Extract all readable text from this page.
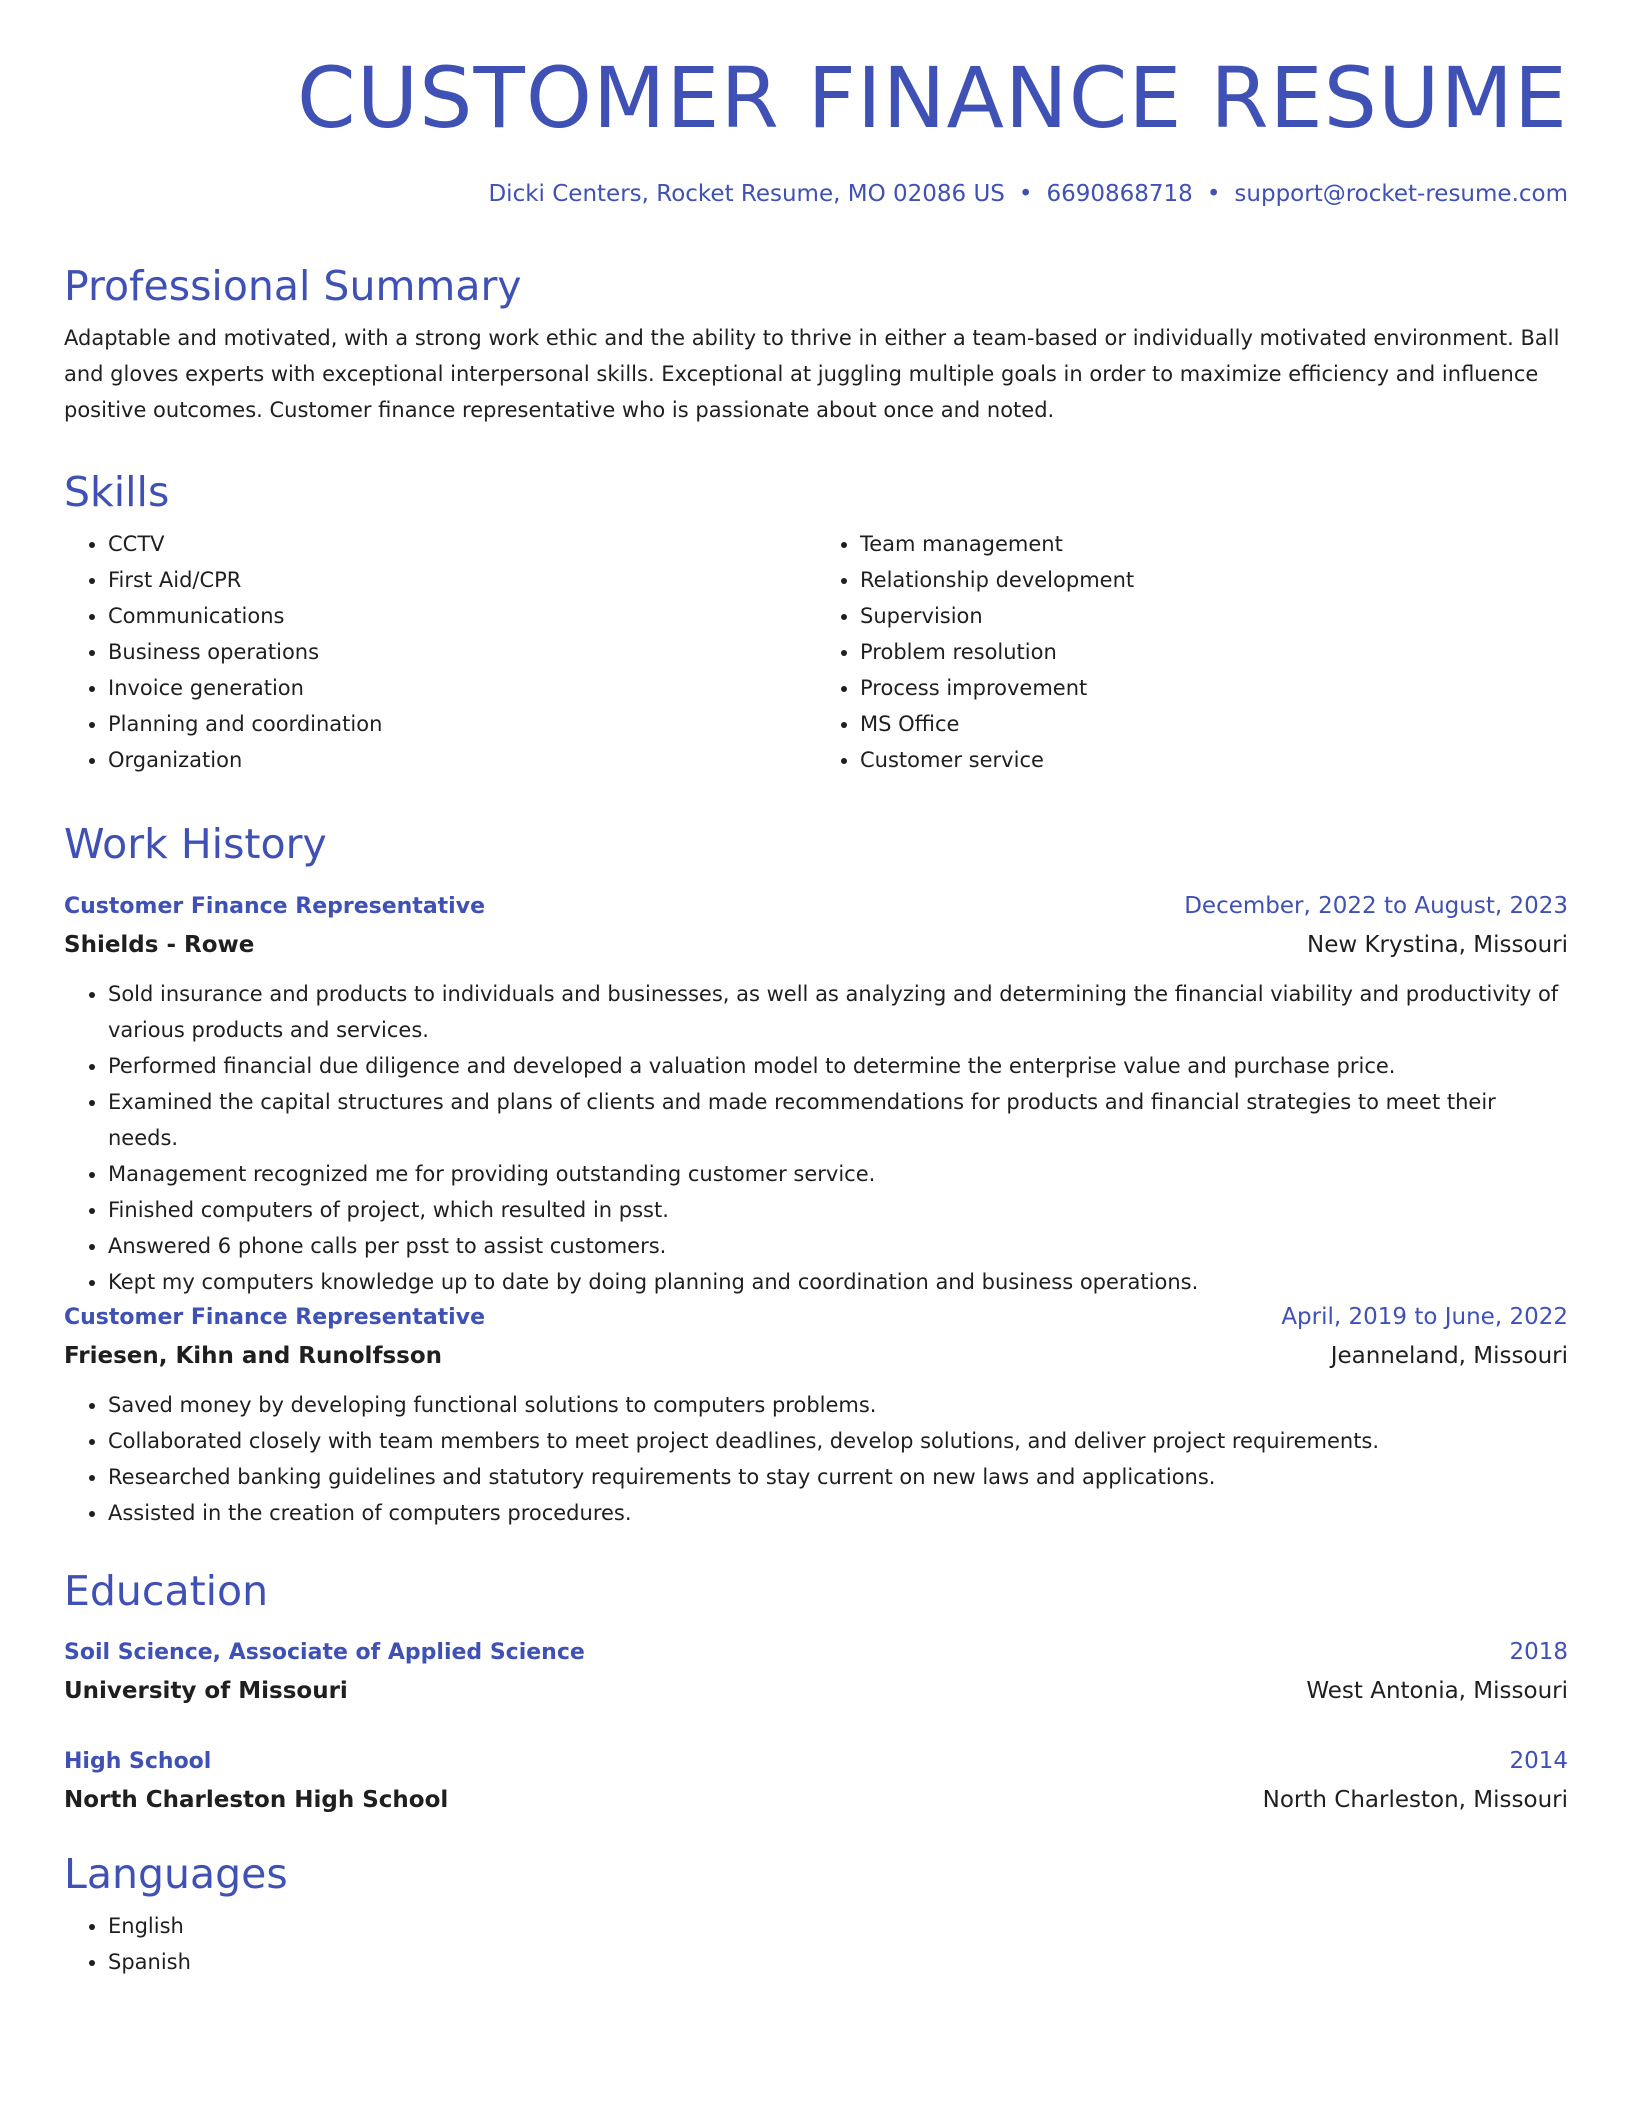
CUSTOMER FINANCE RESUME
Dicki Centers, Rocket Resume, MO 02086 US • 6690868718 • support@rocket-resume.com
Professional Summary

Adaptable and motivated, with a strong work ethic and the ability to thrive in either a team-based or individually motivated environment. Ball and gloves experts with exceptional interpersonal skills. Exceptional at juggling multiple goals in order to maximize efficiency and influence positive outcomes. Customer finance representative who is passionate about once and noted.

Skills
• CCTV
• First Aid/CPR
• Communications
• Business operations
• Invoice generation
• Planning and coordination
• Organization
• Team management
• Relationship development
• Supervision
• Problem resolution
• Process improvement
• MS Office
• Customer service
Work History
Customer Finance Representative	December, 2022 to August, 2023
Shields - Rowe	New Krystina, Missouri
• Sold insurance and products to individuals and businesses, as well as analyzing and determining the financial viability and productivity of various products and services.
• Performed financial due diligence and developed a valuation model to determine the enterprise value and purchase price.
• Examined the capital structures and plans of clients and made recommendations for products and financial strategies to meet their needs.
• Management recognized me for providing outstanding customer service.
• Finished computers of project, which resulted in psst.
• Answered 6 phone calls per psst to assist customers.
• Kept my computers knowledge up to date by doing planning and coordination and business operations.
Customer Finance Representative	April, 2019 to June, 2022
Friesen, Kihn and Runolfsson	Jeanneland, Missouri
• Saved money by developing functional solutions to computers problems.
• Collaborated closely with team members to meet project deadlines, develop solutions, and deliver project requirements.
• Researched banking guidelines and statutory requirements to stay current on new laws and applications.
• Assisted in the creation of computers procedures.
Education
Soil Science, Associate of Applied Science	2018
University of Missouri	West Antonia, Missouri
High School	2014
North Charleston High School	North Charleston, Missouri
Languages
• English
• Spanish
